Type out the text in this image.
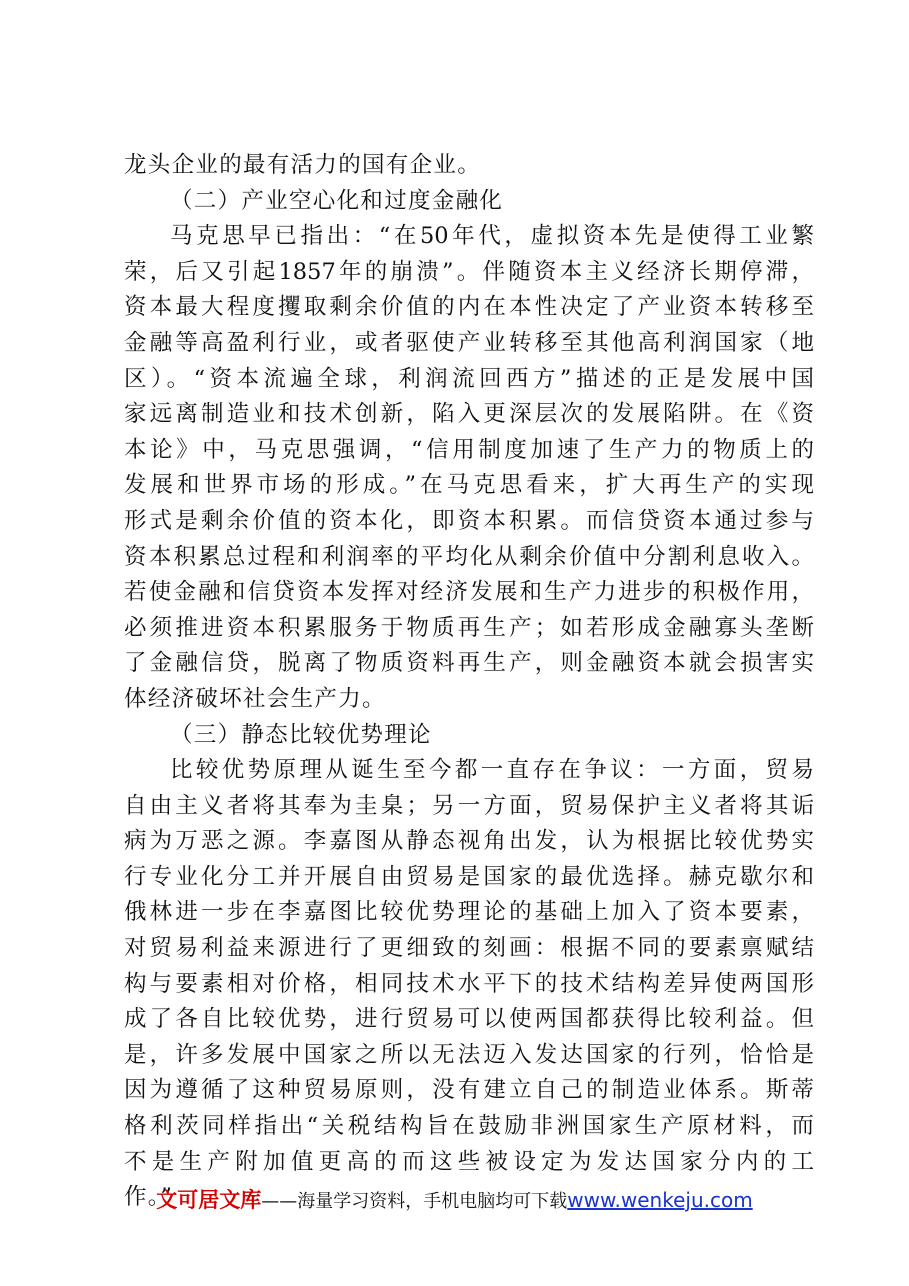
龙头企业的最有活力的国有企业。
（二）产业空心化和过度金融化
马克思早已指出：“在50年代，虚拟资本先是使得工业繁
荣，后又引起1857年的崩溃”。伴随资本主义经济长期停滞，
资本最大程度攫取剩余价值的内在本性决定了产业资本转移至
金融等高盈利行业，或者驱使产业转移至其他高利润国家（地
区）。“资本流遍全球，利润流回西方”描述的正是发展中国
家远离制造业和技术创新，陷入更深层次的发展陷阱。在《资
本论》中，马克思强调，“信用制度加速了生产力的物质上的
发展和世界市场的形成。”在马克思看来，扩大再生产的实现
形式是剩余价值的资本化，即资本积累。而信贷资本通过参与
资本积累总过程和利润率的平均化从剩余价值中分割利息收入。
若使金融和信贷资本发挥对经济发展和生产力进步的积极作用，
必须推进资本积累服务于物质再生产；如若形成金融寡头垄断
了金融信贷，脱离了物质资料再生产，则金融资本就会损害实
体经济破坏社会生产力。
（三）静态比较优势理论
比较优势原理从诞生至今都一直存在争议：一方面，贸易
自由主义者将其奉为圭臬；另一方面，贸易保护主义者将其诟
病为万恶之源。李嘉图从静态视角出发，认为根据比较优势实
行专业化分工并开展自由贸易是国家的最优选择。赫克歇尔和
俄林进一步在李嘉图比较优势理论的基础上加入了资本要素，
对贸易利益来源进行了更细致的刻画：根据不同的要素禀赋结
构与要素相对价格，相同技术水平下的技术结构差异使两国形
成了各自比较优势，进行贸易可以使两国都获得比较利益。但
是，许多发展中国家之所以无法迈入发达国家的行列，恰恰是
因为遵循了这种贸易原则，没有建立自己的制造业体系。斯蒂
格利茨同样指出“关税结构旨在鼓励非洲国家生产原材料，而
不是生产附加值更高的而这些被设定为发达国家分内的工
作。”
文可居文库——海量学习资料，手机电脑均可下载www.wenkeju.com
